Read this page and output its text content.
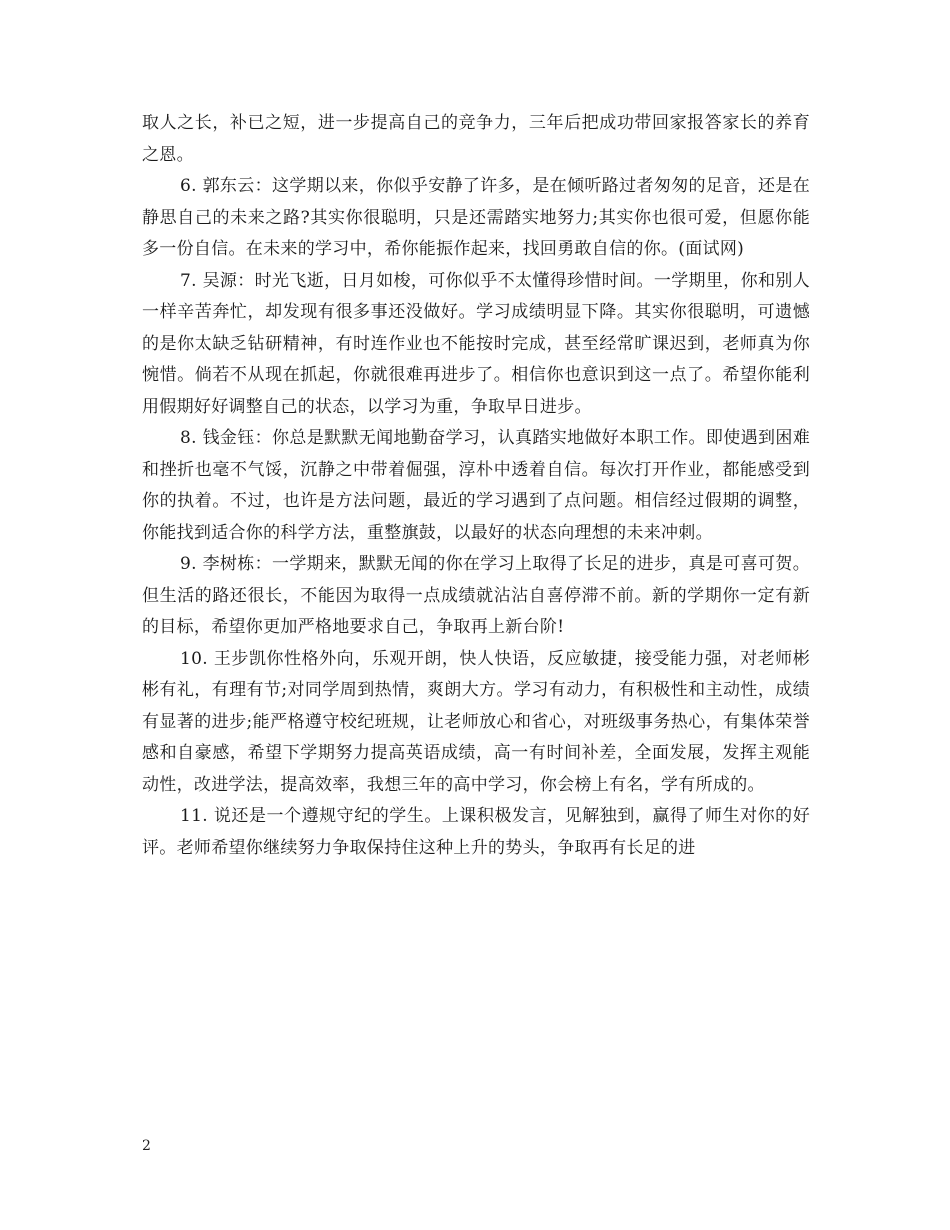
取人之长，补已之短，进一步提高自己的竞争力，三年后把成功带回家报答家长的养育之恩。

6. 郭东云：这学期以来，你似乎安静了许多，是在倾听路过者匆匆的足音，还是在静思自己的未来之路?其实你很聪明，只是还需踏实地努力;其实你也很可爱，但愿你能多一份自信。在未来的学习中，希你能振作起来，找回勇敢自信的你。(面试网)

7. 吴源：时光飞逝，日月如梭，可你似乎不太懂得珍惜时间。一学期里，你和别人一样辛苦奔忙，却发现有很多事还没做好。学习成绩明显下降。其实你很聪明，可遗憾的是你太缺乏钻研精神，有时连作业也不能按时完成，甚至经常旷课迟到，老师真为你惋惜。倘若不从现在抓起，你就很难再进步了。相信你也意识到这一点了。希望你能利用假期好好调整自己的状态，以学习为重，争取早日进步。

8. 钱金钰：你总是默默无闻地勤奋学习，认真踏实地做好本职工作。即使遇到困难和挫折也毫不气馁，沉静之中带着倔强，淳朴中透着自信。每次打开作业，都能感受到你的执着。不过，也许是方法问题，最近的学习遇到了点问题。相信经过假期的调整，你能找到适合你的科学方法，重整旗鼓，以最好的状态向理想的未来冲刺。

9. 李树栋：一学期来，默默无闻的你在学习上取得了长足的进步，真是可喜可贺。但生活的路还很长，不能因为取得一点成绩就沾沾自喜停滞不前。新的学期你一定有新的目标，希望你更加严格地要求自己，争取再上新台阶!

10. 王步凯你性格外向，乐观开朗，快人快语，反应敏捷，接受能力强，对老师彬彬有礼，有理有节;对同学周到热情，爽朗大方。学习有动力，有积极性和主动性，成绩有显著的进步;能严格遵守校纪班规，让老师放心和省心，对班级事务热心，有集体荣誉感和自豪感，希望下学期努力提高英语成绩，高一有时间补差，全面发展，发挥主观能动性，改进学法，提高效率，我想三年的高中学习，你会榜上有名，学有所成的。

11. 说还是一个遵规守纪的学生。上课积极发言，见解独到，赢得了师生对你的好评。老师希望你继续努力争取保持住这种上升的势头，争取再有长足的进

2
